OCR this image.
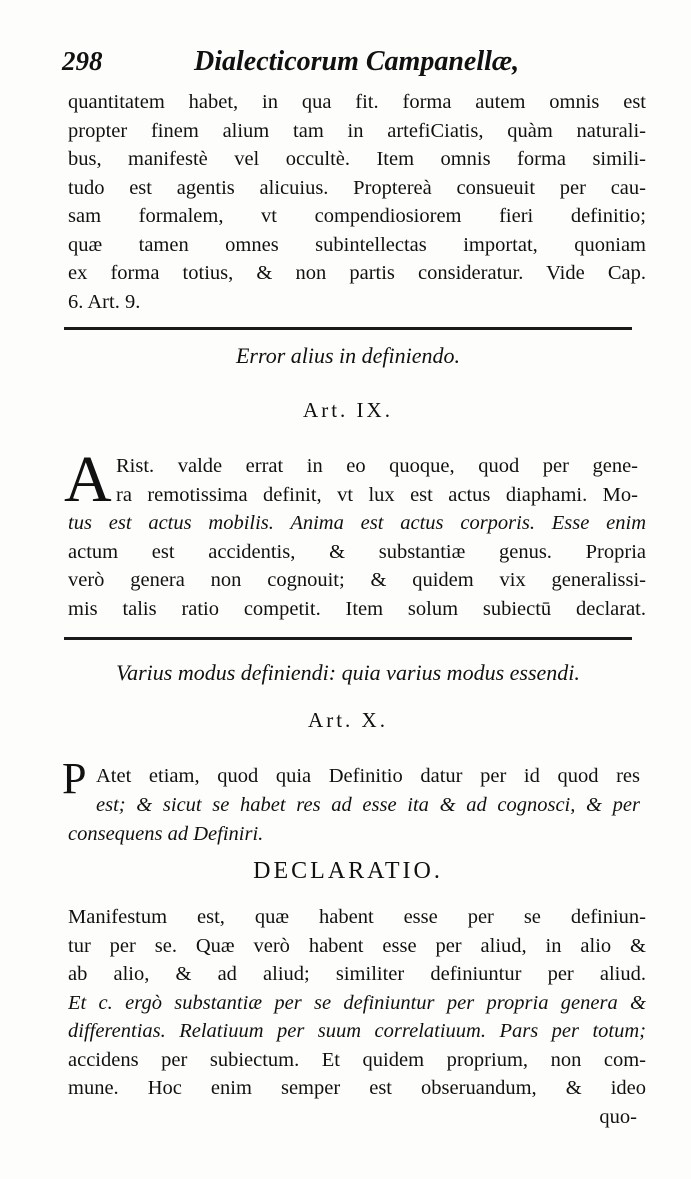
298	Dialecticorum Campanellæ,
quantitatem habet, in qua fit. forma autem omnis est
propter finem alium tam in artefiCiatis, quàm naturali-
bus, manifestè vel occultè. Item omnis forma simili-
tudo est agentis alicuius. Proptereà consueuit per cau-
sam formalem, vt compendiosiorem fieri definitio;
quæ tamen omnes subintellectas importat, quoniam
ex forma totius, & non partis consideratur. Vide Cap.
6. Art. 9.
Error alius in definiendo.
Art. IX.
A Rist. valde errat in eo quoque, quod per gene-
ra remotissima definit, vt lux est actus diaphami. Mo-
tus est actus mobilis. Anima est actus corporis. Esse enim
actum est accidentis, & substantiæ genus. Propria
verò genera non cognouit; & quidem vix generalissi-
mis talis ratio competit. Item solum subiectū declarat.
Varius modus definiendi: quia varius modus essendi.
Art. X.
P Atet etiam, quod quia Definitio datur per id quod res
est; & sicut se habet res ad esse ita & ad cognosci, & per
consequens ad Definiri.
DECLARATIO.
Manifestum est, quæ habent esse per se definiun-
tur per se. Quæ verò habent esse per aliud, in alio &
ab alio, & ad aliud; similiter definiuntur per aliud.
Et c. ergò substantiæ per se definiuntur per propria genera &
differentias. Relatiuum per suum correlatiuum. Pars per totum;
accidens per subiectum. Et quidem proprium, non com-
mune. Hoc enim semper est obseruandum, & ideo
quo-
